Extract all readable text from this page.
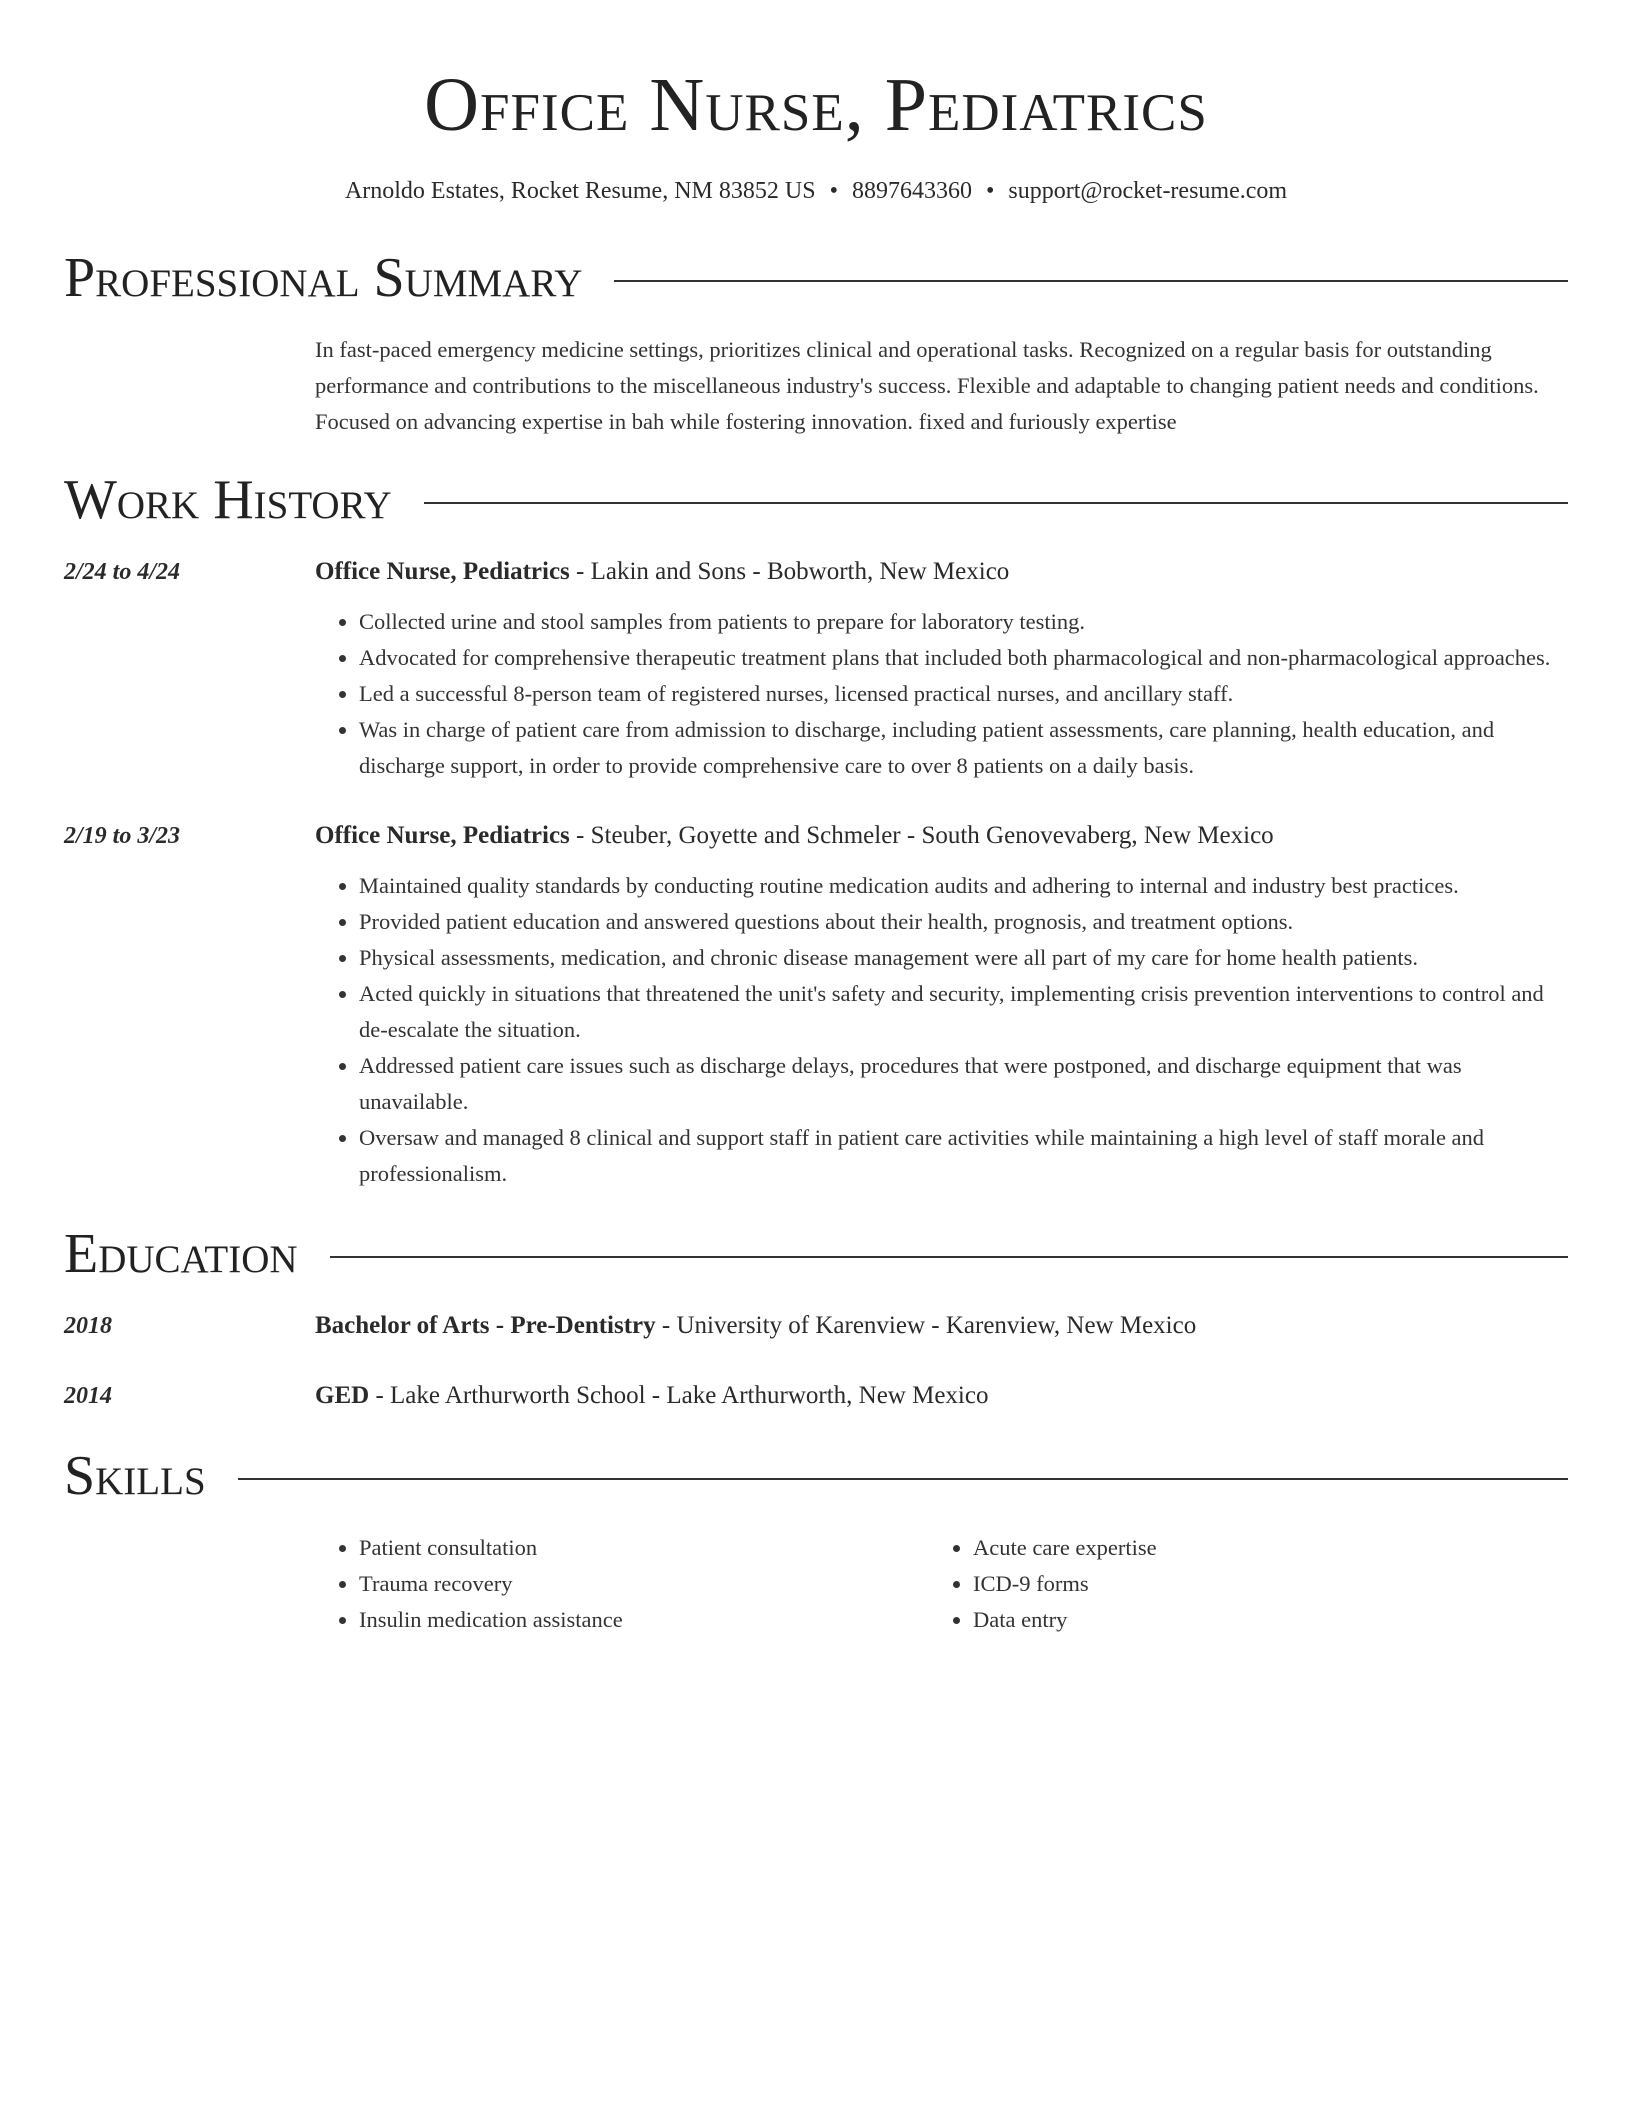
Office Nurse, Pediatrics
Arnoldo Estates, Rocket Resume, NM 83852 US • 8897643360 • support@rocket-resume.com
Professional Summary
In fast-paced emergency medicine settings, prioritizes clinical and operational tasks. Recognized on a regular basis for outstanding performance and contributions to the miscellaneous industry's success. Flexible and adaptable to changing patient needs and conditions. Focused on advancing expertise in bah while fostering innovation. fixed and furiously expertise
Work History
2/24 to 4/24	Office Nurse, Pediatrics - Lakin and Sons - Bobworth, New Mexico
• Collected urine and stool samples from patients to prepare for laboratory testing.
• Advocated for comprehensive therapeutic treatment plans that included both pharmacological and non-pharmacological approaches.
• Led a successful 8-person team of registered nurses, licensed practical nurses, and ancillary staff.
• Was in charge of patient care from admission to discharge, including patient assessments, care planning, health education, and discharge support, in order to provide comprehensive care to over 8 patients on a daily basis.
2/19 to 3/23	Office Nurse, Pediatrics - Steuber, Goyette and Schmeler - South Genovevaberg, New Mexico
• Maintained quality standards by conducting routine medication audits and adhering to internal and industry best practices.
• Provided patient education and answered questions about their health, prognosis, and treatment options.
• Physical assessments, medication, and chronic disease management were all part of my care for home health patients.
• Acted quickly in situations that threatened the unit's safety and security, implementing crisis prevention interventions to control and de-escalate the situation.
• Addressed patient care issues such as discharge delays, procedures that were postponed, and discharge equipment that was unavailable.
• Oversaw and managed 8 clinical and support staff in patient care activities while maintaining a high level of staff morale and professionalism.
Education
2018	Bachelor of Arts - Pre-Dentistry - University of Karenview - Karenview, New Mexico
2014	GED - Lake Arthurworth School - Lake Arthurworth, New Mexico
Skills
• Patient consultation
• Trauma recovery
• Insulin medication assistance
• Acute care expertise
• ICD-9 forms
• Data entry
